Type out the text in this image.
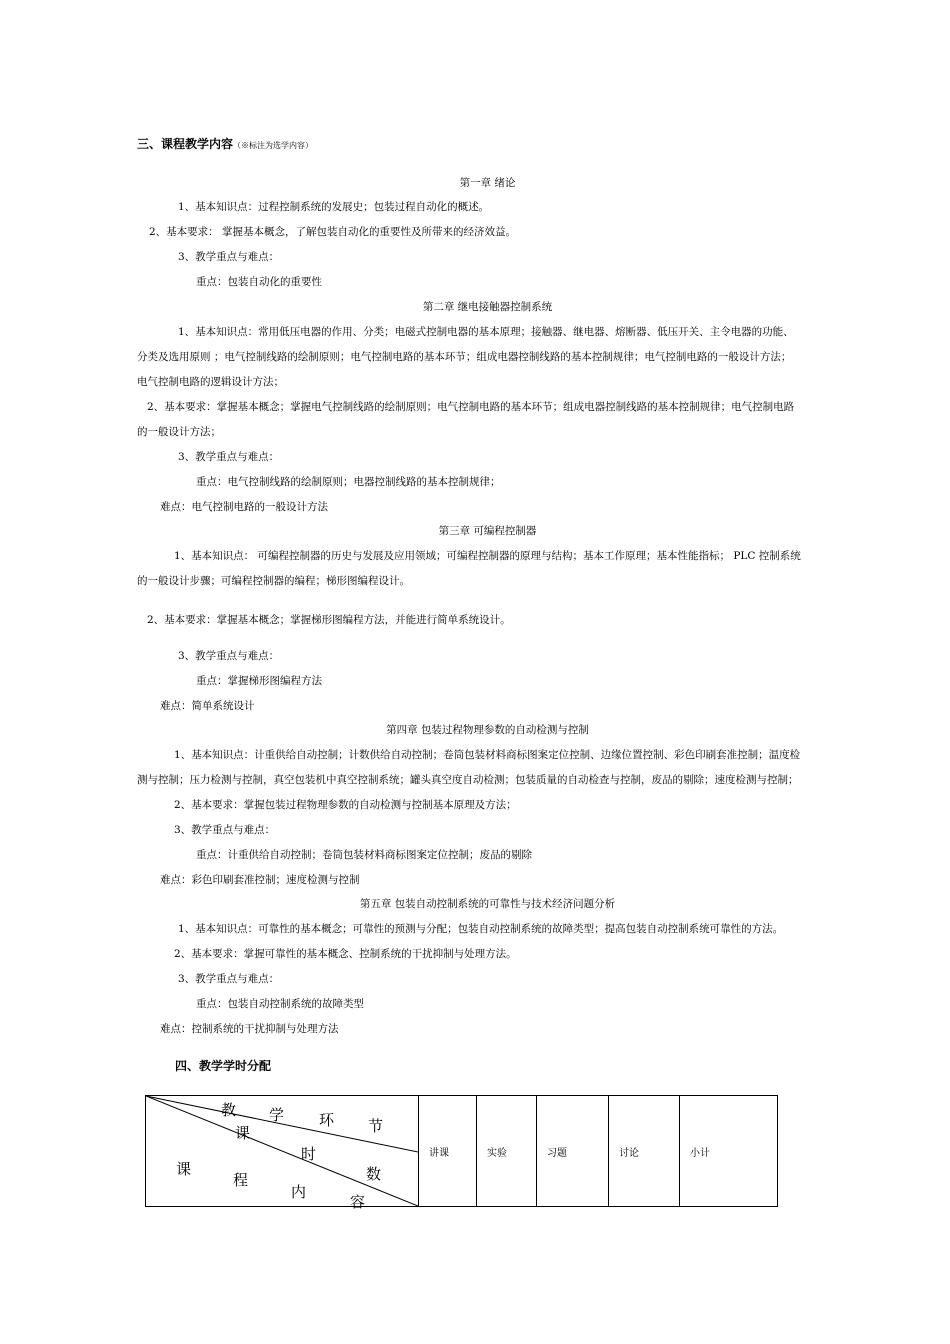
三、课程教学内容（※标注为选学内容）
第一章 绪论
1、基本知识点：过程控制系统的发展史；包装过程自动化的概述。
2、基本要求： 掌握基本概念，了解包装自动化的重要性及所带来的经济效益。
3、教学重点与难点：
重点：包装自动化的重要性
第二章 继电接触器控制系统
1、基本知识点：常用低压电器的作用、分类；电磁式控制电器的基本原理；接触器、继电器、熔断器、低压开关、主令电器的功能、
分类及选用原则 ；电气控制线路的绘制原则；电气控制电路的基本环节；组成电器控制线路的基本控制规律；电气控制电路的一般设计方法；
电气控制电路的逻辑设计方法；
2、基本要求：掌握基本概念；掌握电气控制线路的绘制原则；电气控制电路的基本环节；组成电器控制线路的基本控制规律；电气控制电路
的一般设计方法；
3、教学重点与难点：
重点：电气控制线路的绘制原则；电器控制线路的基本控制规律；
难点：电气控制电路的一般设计方法
第三章 可编程控制器
1、基本知识点： 可编程控制器的历史与发展及应用领域；可编程控制器的原理与结构；基本工作原理；基本性能指标； PLC 控制系统
的一般设计步骤；可编程控制器的编程；梯形图编程设计。
2、基本要求：掌握基本概念；掌握梯形图编程方法，并能进行简单系统设计。
3、教学重点与难点：
重点：掌握梯形图编程方法
难点：简单系统设计
第四章 包装过程物理参数的自动检测与控制
1、基本知识点：计重供给自动控制；计数供给自动控制；卷筒包装材料商标图案定位控制、边缘位置控制、彩色印刷套准控制；温度检
测与控制；压力检测与控制，真空包装机中真空控制系统；罐头真空度自动检测；包装质量的自动检查与控制，废品的剔除；速度检测与控制；
2、基本要求：掌握包装过程物理参数的自动检测与控制基本原理及方法；
3、教学重点与难点：
重点：计重供给自动控制；卷筒包装材料商标图案定位控制；废品的剔除
难点：彩色印刷套准控制；速度检测与控制
第五章 包装自动控制系统的可靠性与技术经济问题分析
1、基本知识点：可靠性的基本概念；可靠性的预测与分配；包装自动控制系统的故障类型；提高包装自动控制系统可靠性的方法。
2、基本要求：掌握可靠性的基本概念、控制系统的干扰抑制与处理方法。
3、教学重点与难点：
重点：包装自动控制系统的故障类型
难点：控制系统的干扰抑制与处理方法
四、教学学时分配
教 学 环 节
课
时
数
课
程
内
容
	讲课	实验	习题	讨论	小计
